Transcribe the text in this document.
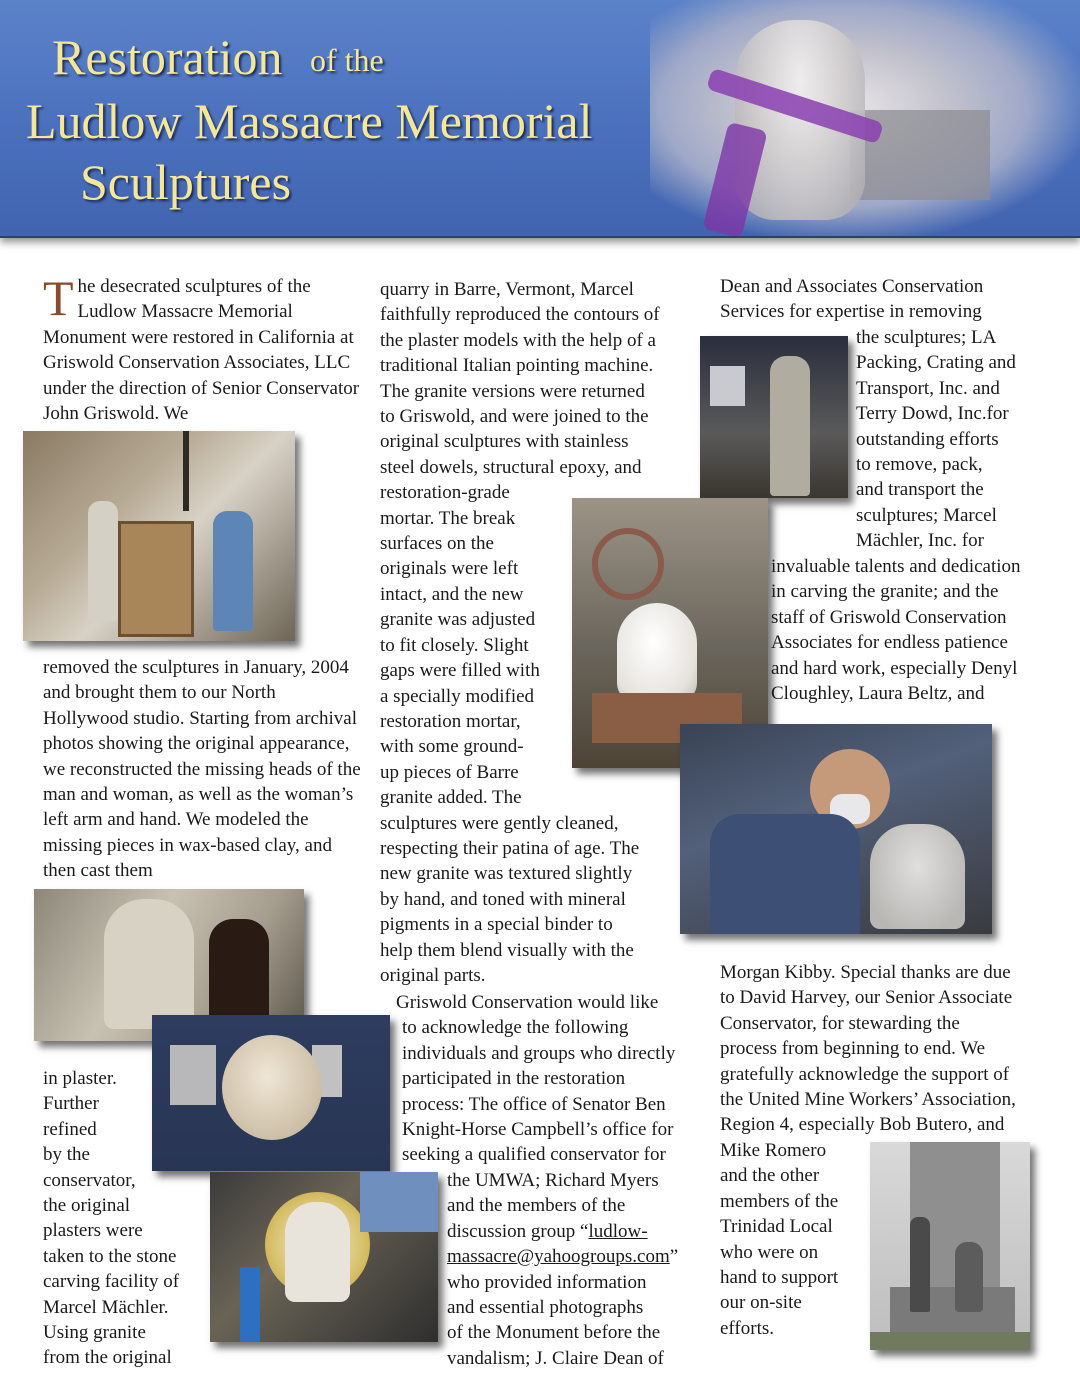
Restoration of the
Ludlow Massacre Memorial
Sculptures
T he desecrated sculptures of the Ludlow Massacre Memorial Monument were restored in California at Griswold Conservation Associates, LLC under the direction of Senior Conservator John Griswold. We

removed the sculptures in January, 2004 and brought them to our North Hollywood studio. Starting from archival photos showing the original appearance, we reconstructed the missing heads of the man and woman, as well as the woman’s left arm and hand. We modeled the missing pieces in wax-based clay, and then cast them

in plaster.

Further

refined

by the

conservator,

the original

plasters were

taken to the stone

carving facility of

Marcel Mächler.

Using granite

from the original

quarry in Barre, Vermont, Marcel

faithfully reproduced the contours of

the plaster models with the help of a

traditional Italian pointing machine.

The granite versions were returned

to Griswold, and were joined to the

original sculptures with stainless

steel dowels, structural epoxy, and

restoration-grade

mortar. The break

surfaces on the

originals were left

intact, and the new

granite was adjusted

to fit closely. Slight

gaps were filled with

a specially modified

restoration mortar,

with some ground-

up pieces of Barre

granite added. The

sculptures were gently cleaned,

respecting their patina of age. The

new granite was textured slightly

by hand, and toned with mineral

pigments in a special binder to

help them blend visually with the

original parts.

Griswold Conservation would like

to acknowledge the following

individuals and groups who directly

participated in the restoration

process: The office of Senator Ben

Knight-Horse Campbell’s office for

seeking a qualified conservator for

the UMWA; Richard Myers

and the members of the

discussion group “ludlow-

massacre@yahoogroups.com”

who provided information

and essential photographs

of the Monument before the

vandalism; J. Claire Dean of

Dean and Associates Conservation

Services for expertise in removing

the sculptures; LA

Packing, Crating and

Transport, Inc. and

Terry Dowd, Inc.for

outstanding efforts

to remove, pack,

and transport the

sculptures; Marcel

Mächler, Inc. for

invaluable talents and dedication

in carving the granite; and the

staff of Griswold Conservation

Associates for endless patience

and hard work, especially Denyl

Cloughley, Laura Beltz, and

Morgan Kibby. Special thanks are due

to David Harvey, our Senior Associate

Conservator, for stewarding the

process from beginning to end. We

gratefully acknowledge the support of

the United Mine Workers’ Association,

Region 4, especially Bob Butero, and

Mike Romero

and the other

members of the

Trinidad Local

who were on

hand to support

our on-site

efforts.
